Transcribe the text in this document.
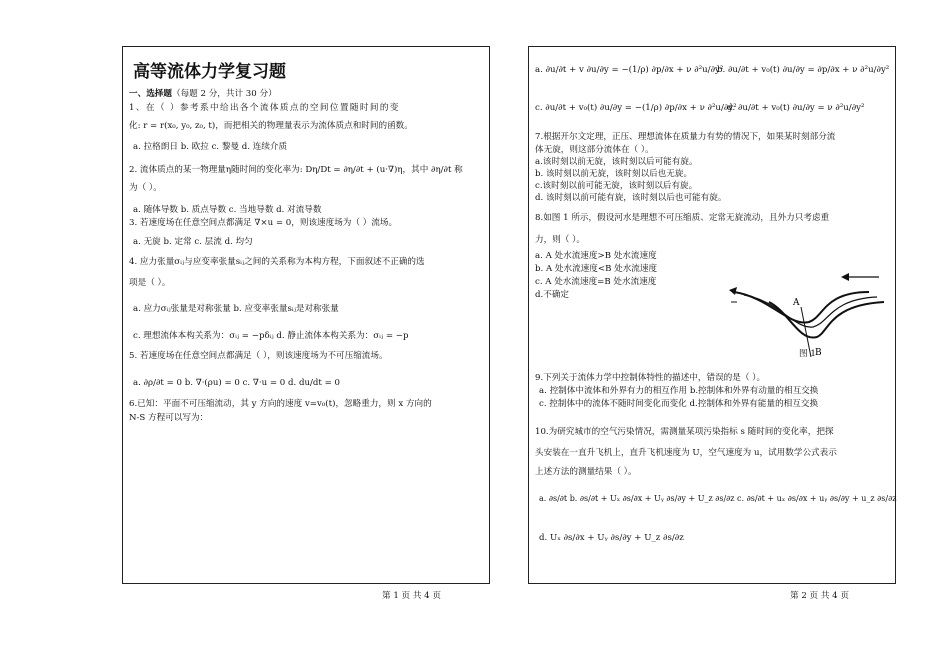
高等流体力学复习题
一、选择题（每题 2 分，共计 30 分）
1、在（ ）参考系中给出各个流体质点的空间位置随时间的变
化: r = r(x₀, y₀, z₀, t)，而把相关的物理量表示为流体质点和时间的函数。
a. 拉格朗日 b. 欧拉 c. 黎曼 d. 连续介质
2. 流体质点的某一物理量η随时间的变化率为: Dη/Dt = ∂η/∂t + (u·∇)η，其中 ∂η/∂t 称
为（ ）。
a. 随体导数 b. 质点导数 c. 当地导数 d. 对流导数
3. 若速度场在任意空间点都满足 ∇×u = 0，则该速度场为（ ）流场。
a. 无旋 b. 定常 c. 层流 d. 均匀
4. 应力张量σᵢⱼ与应变率张量sᵢⱼ之间的关系称为本构方程，下面叙述不正确的选
项是（ ）。
a. 应力σᵢⱼ张量是对称张量 b. 应变率张量sᵢⱼ是对称张量
c. 理想流体本构关系为：σᵢⱼ = −pδᵢⱼ d. 静止流体本构关系为：σᵢⱼ = −p
5. 若速度场在任意空间点都满足（ ），则该速度场为不可压缩流场。
a. ∂ρ/∂t = 0 b. ∇·(ρu) = 0 c. ∇·u = 0 d. du/dt = 0
6.已知：平面不可压缩流动，其 y 方向的速度 v=v₀(t)，忽略重力，则 x 方向的
N-S 方程可以写为：
第 1 页 共 4 页
a. ∂u/∂t + v ∂u/∂y = −(1/ρ) ∂p/∂x + ν ∂²u/∂y²
b. ∂u/∂t + v₀(t) ∂u/∂y = ∂p/∂x + ν ∂²u/∂y²
c. ∂u/∂t + v₀(t) ∂u/∂y = −(1/ρ) ∂p/∂x + ν ∂²u/∂y²
d. ∂u/∂t + v₀(t) ∂u/∂y = ν ∂²u/∂y²
7.根据开尔文定理，正压、理想流体在质量力有势的情况下，如果某时刻部分流
体无旋，则这部分流体在（ ）。
a.该时刻以前无旋，该时刻以后可能有旋。
b. 该时刻以前无旋，该时刻以后也无旋。
c.该时刻以前可能无旋，该时刻以后有旋。
d. 该时刻以前可能有旋，该时刻以后也可能有旋。
8.如图 1 所示，假设河水是理想不可压缩质、定常无旋流动，且外力只考虑重
力，则（ ）。
a. A 处水流速度>B 处水流速度
b. A 处水流速度<B 处水流速度
c. A 处水流速度=B 处水流速度
d.不确定
A
B
图 1
9.下列关于流体力学中控制体特性的描述中，错误的是（ ）。
a. 控制体中流体和外界有力的相互作用 b.控制体和外界有动量的相互交换
c. 控制体中的流体不随时间变化而变化 d.控制体和外界有能量的相互交换
10.为研究城市的空气污染情况，需测量某项污染指标 s 随时间的变化率，把探
头安装在一直升飞机上，直升飞机速度为 U，空气速度为 u，试用数学公式表示
上述方法的测量结果（ ）。
a. ∂s/∂t b. ∂s/∂t + Uₓ ∂s/∂x + Uᵧ ∂s/∂y + U_z ∂s/∂z c. ∂s/∂t + uₓ ∂s/∂x + uᵧ ∂s/∂y + u_z ∂s/∂z
d. Uₓ ∂s/∂x + Uᵧ ∂s/∂y + U_z ∂s/∂z
第 2 页 共 4 页
